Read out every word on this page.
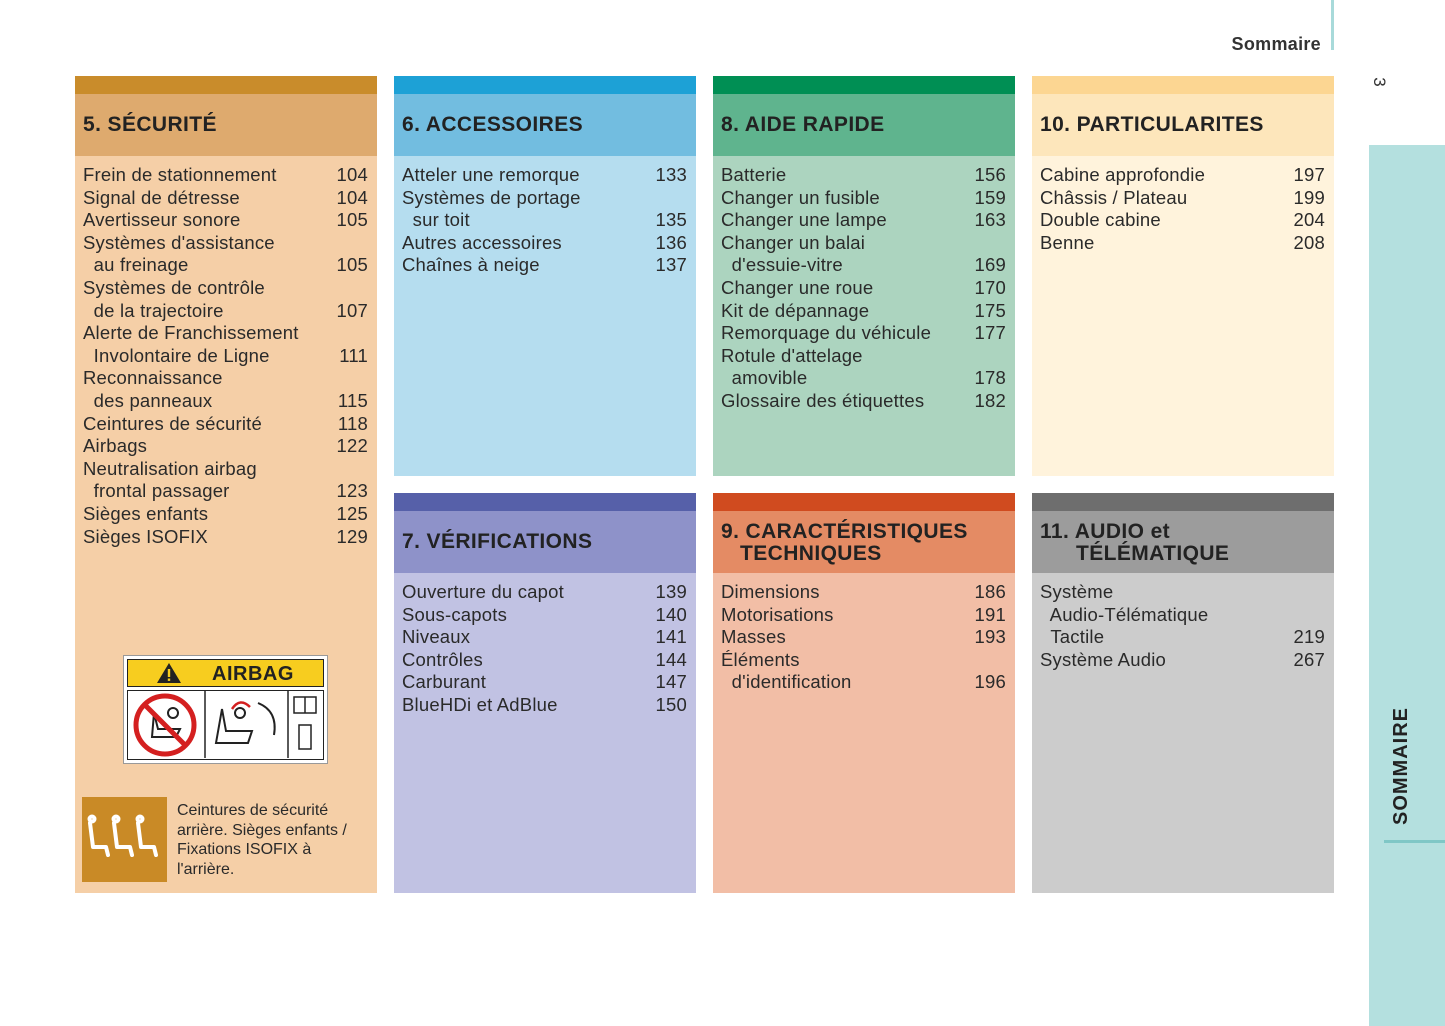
Sommaire
3
SOMMAIRE
5. SÉCURITÉ
Frein de stationnement	104
Signal de détresse	104
Avertisseur sonore	105
Systèmes d'assistance
au freinage	105
Systèmes de contrôle
de la trajectoire	107
Alerte de Franchissement
Involontaire de Ligne	111
Reconnaissance
des panneaux	115
Ceintures de sécurité	118
Airbags	122
Neutralisation airbag
frontal passager	123
Sièges enfants	125
Sièges ISOFIX	129
6. ACCESSOIRES
Atteler une remorque	133
Systèmes de portage
sur toit	135
Autres accessoires	136
Chaînes à neige	137
8. AIDE RAPIDE
Batterie	156
Changer un fusible	159
Changer une lampe	163
Changer un balai
d'essuie-vitre	169
Changer une roue	170
Kit de dépannage	175
Remorquage du véhicule 177
Rotule d'attelage
amovible	178
Glossaire des étiquettes	182
10. PARTICULARITES
Cabine approfondie	197
Châssis / Plateau	199
Double cabine	204
Benne	208
7. VÉRIFICATIONS
Ouverture du capot	139
Sous-capots	140
Niveaux	141
Contrôles	144
Carburant	147
BlueHDi et AdBlue	150
9. CARACTÉRISTIQUES
TECHNIQUES
Dimensions	186
Motorisations	191
Masses	193
Éléments
d'identification	196
11. AUDIO et
TÉLÉMATIQUE
Système
Audio-Télématique
Tactile	219
Système Audio	267
AIRBAG
Ceintures de sécurité arrière. Sièges enfants / Fixations ISOFIX à l'arrière.
